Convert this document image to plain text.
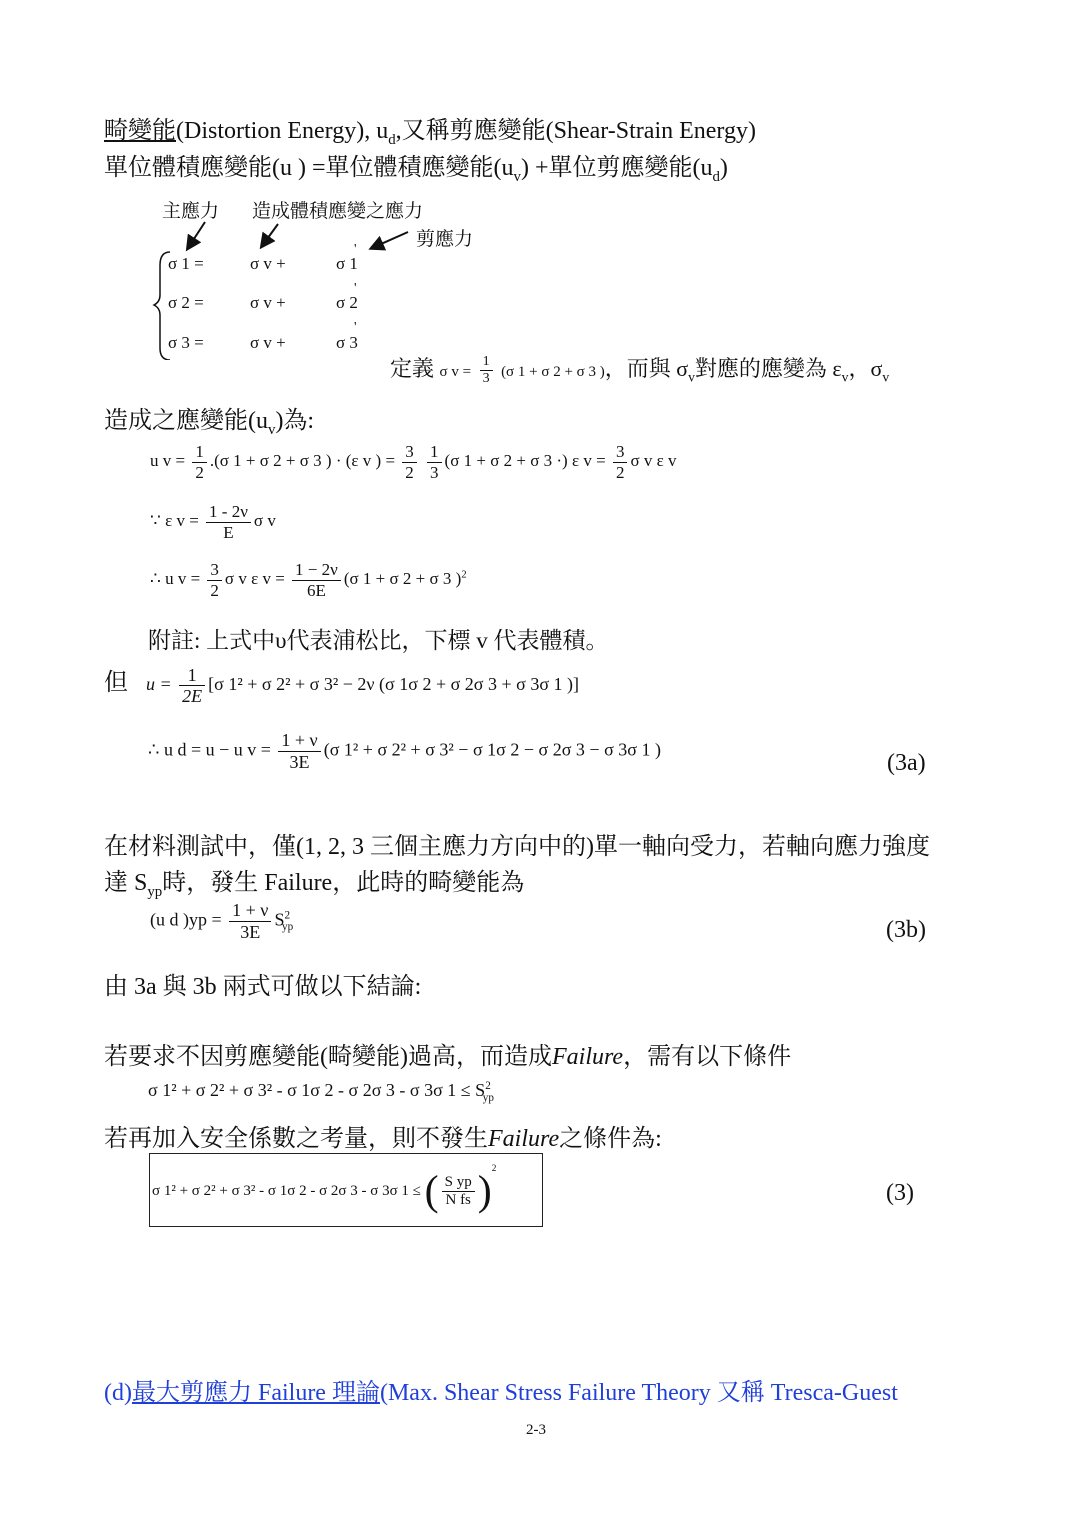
畸變能(Distortion Energy), $u_d$,又稱剪應變能(Shear-Strain Energy)
單位體積應變能(u ) =單位體積應變能$(u_v)$ +單位剪應變能$(u_d)$
主應力 造成體積應變之應力
剪應力
σ 1 =	σ v +	σ 1
σ 2 =	σ v +	σ 2
σ 3 =	σ v +	σ 3
'
'
'
定義 σ $v = \frac{1}{3} (\sigma$ 1 + σ 2 + σ 3 )，而與 $\sigma_v$對應的應變為 $\varepsilon_v$，$\sigma_v$
造成之應變能$(u_v)$為:
u $v = \frac{1}{2} .(\sigma$ 1 + σ 2 + σ 3 ) · (ε v ) = $\frac{3}{2}$
$\frac{1}{3} (\sigma$ 1 + σ 2 + σ 3 ·) ε $v = \frac{3}{2}$ σ v ε v
∵ ε $v = \frac{1 - 2\nu}{E}$ σ v
∴ u $v = \frac{3}{2}$ σ v ε $v = \frac{1 - 2\nu}{6E} (\sigma$ 1 + σ 2 + σ 3 )$^2$
附註: 上式中υ代表浦松比，下標 v 代表體積。
但 $u = \frac{1}{2E} [\sigma$ 1² + σ 2² + σ 3² − 2ν (σ 1σ 2 + σ 2σ 3 + σ 3σ 1 )]
∴ u d = u − u $v = \frac{1 + \nu}{3E} (\sigma$ 1² + σ 2² + σ 3² − σ 1σ 2 − σ 2σ 3 − σ 3σ 1 )
(3a)
在材料測試中，僅(1, 2, 3 三個主應力方向中的)單一軸向受力，若軸向應力強度
達 $S_{yp}$時，發生 Failure，此時的畸變能為
(u d )$yp = \frac{1 + \nu}{3E} S^2_{yp}$	(3b)
由 3a 與 3b 兩式可做以下結論:
若要求不因剪應變能(畸變能)過高，而造成Failure，需有以下條件
σ 1² + σ 2² + σ 3² - σ 1σ 2 - σ 2σ 3 - σ 3σ $1 \le S^2_{yp}$
若再加入安全係數之考量，則不發生Failure之條件為:
σ 1² + σ 2² + σ 3² - σ 1σ 2 - σ 2σ 3 - σ 3σ 1 ≤ ( $\frac{\text{S yp}}{\text{N fs}} )^2$
(3)
(d)最大剪應力 Failure 理論(Max. Shear Stress Failure Theory 又稱 Tresca-Guest
2-3
